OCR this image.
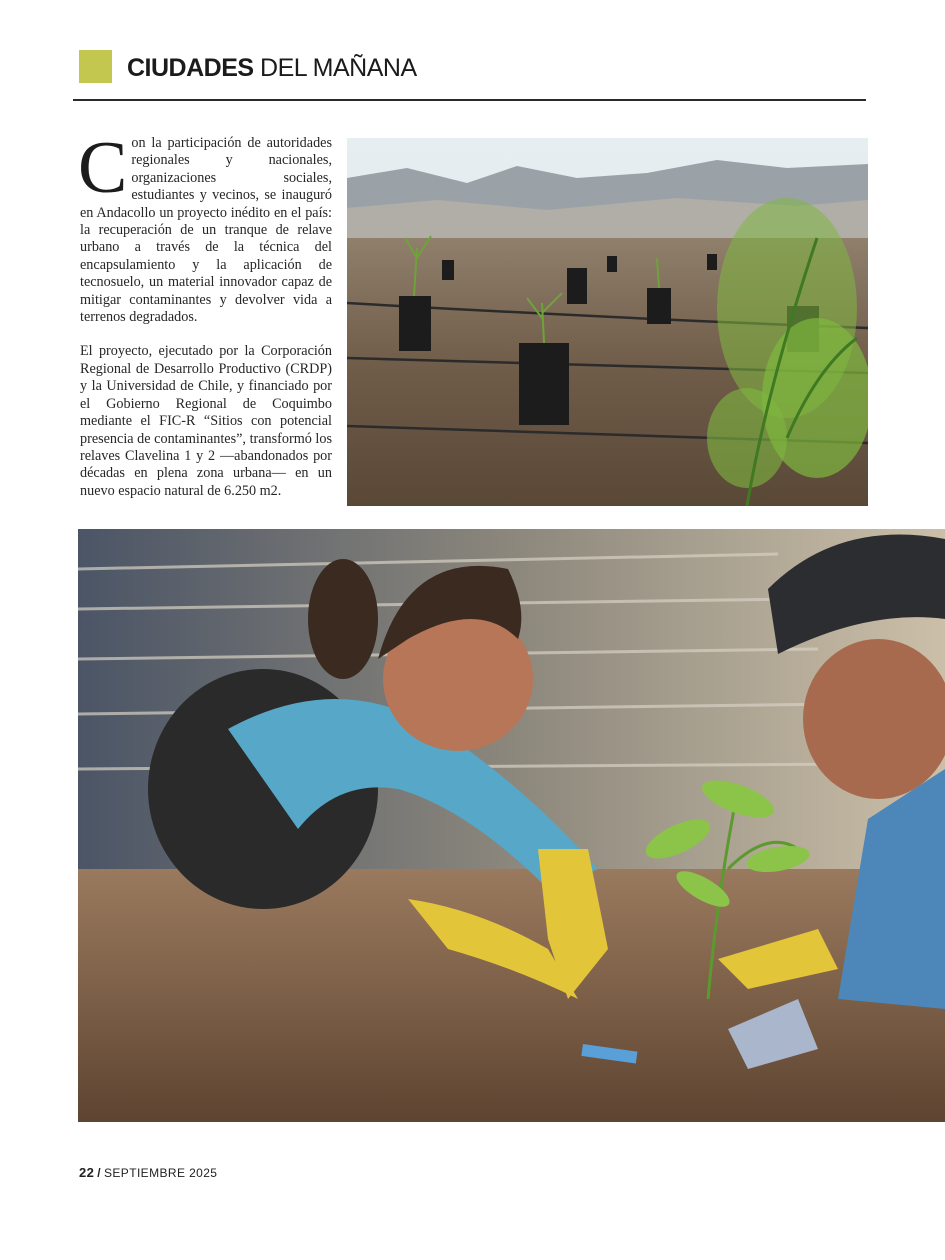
CIUDADES DEL MAÑANA

Con la participación de autoridades regionales y nacionales, organizaciones sociales, estudiantes y vecinos, se inauguró en Andacollo un proyecto inédito en el país: la recuperación de un tranque de relave urbano a través de la técnica del encapsulamiento y la aplicación de tecnosuelo, un material innovador capaz de mitigar contaminantes y devolver vida a terrenos degradados.

El proyecto, ejecutado por la Corporación Regional de Desarrollo Productivo (CRDP) y la Universidad de Chile, y financiado por el Gobierno Regional de Coquimbo mediante el FIC-R “Sitios con potencial presencia de contaminantes”, transformó los relaves Clavelina 1 y 2 —abandonados por décadas en plena zona urbana— en un nuevo espacio natural de 6.250 m2.

22 / SEPTIEMBRE 2025
